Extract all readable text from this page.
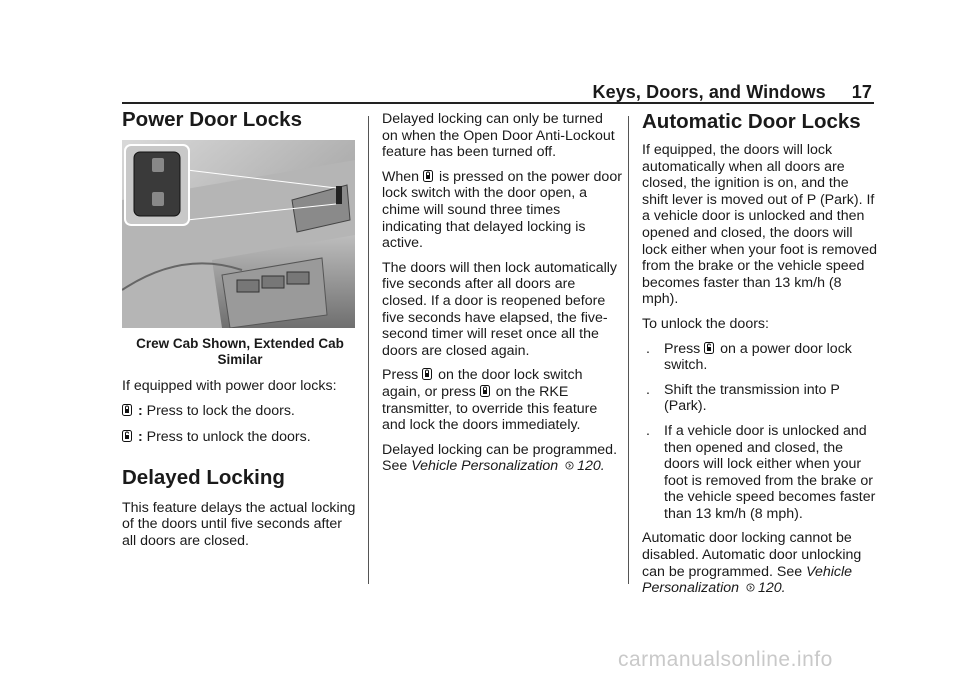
Keys, Doors, and Windows 17
Power Door Locks
Crew Cab Shown, Extended Cab Similar

If equipped with power door locks:

: Press to lock the doors.

: Press to unlock the doors.

Delayed Locking

This feature delays the actual locking of the doors until five seconds after all doors are closed.

Delayed locking can only be turned on when the Open Door Anti-Lockout feature has been turned off.

When is pressed on the power door lock switch with the door open, a chime will sound three times indicating that delayed locking is active.

The doors will then lock automatically five seconds after all doors are closed. If a door is reopened before five seconds have elapsed, the five-second timer will reset once all the doors are closed again.

Press on the door lock switch again, or press on the RKE transmitter, to override this feature and lock the doors immediately.

Delayed locking can be programmed. See Vehicle Personalization 120.

Automatic Door Locks

If equipped, the doors will lock automatically when all doors are closed, the ignition is on, and the shift lever is moved out of P (Park). If a vehicle door is unlocked and then opened and closed, the doors will lock either when your foot is removed from the brake or the vehicle speed becomes faster than 13 km/h (8 mph).

To unlock the doors:

. Press on a power door lock switch.
. Shift the transmission into P (Park).
. If a vehicle door is unlocked and then opened and closed, the doors will lock either when your foot is removed from the brake or the vehicle speed becomes faster than 13 km/h (8 mph).

Automatic door locking cannot be disabled. Automatic door unlocking can be programmed. See Vehicle Personalization 120.

carmanualsonline.info
